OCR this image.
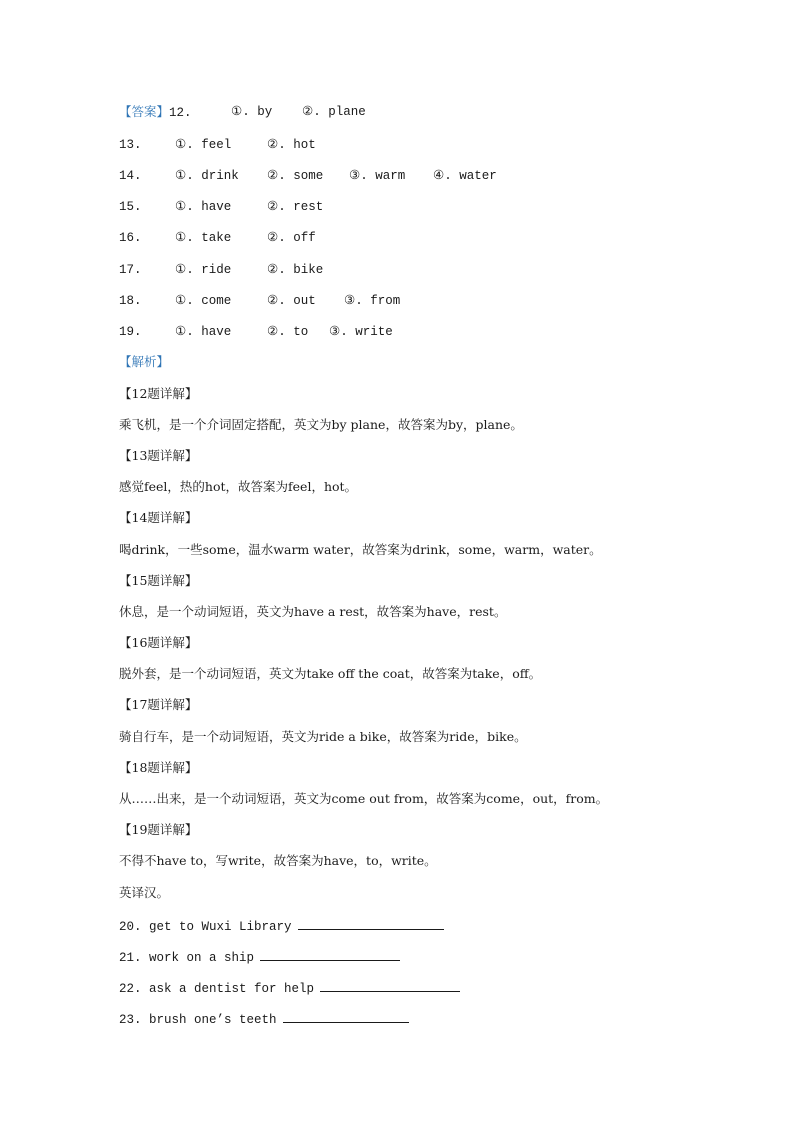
【答案】12.	①. by ②. plane
13.	①. feel	②. hot
14.	①. drink ②. some ③. warm ④. water
15.	①. have	②. rest
16.	①. take	②. off
17.	①. ride	②. bike
18.	①. come	②. out ③. from
19.	①. have	②. to ③. write
【解析】
【12题详解】
乘飞机，是一个介词固定搭配，英文为by plane，故答案为by，plane。
【13题详解】
感觉feel，热的hot，故答案为feel，hot。
【14题详解】
喝drink，一些some，温水warm water，故答案为drink，some，warm，water。
【15题详解】
休息，是一个动词短语，英文为have a rest，故答案为have，rest。
【16题详解】
脱外套，是一个动词短语，英文为take off the coat，故答案为take，off。
【17题详解】
骑自行车，是一个动词短语，英文为ride a bike，故答案为ride，bike。
【18题详解】
从……出来，是一个动词短语，英文为come out from，故答案为come，out，from。
【19题详解】
不得不have to，写write，故答案为have，to，write。
英译汉。
20. get to Wuxi Library
21. work on a ship
22. ask a dentist for help
23. brush one’s teeth
